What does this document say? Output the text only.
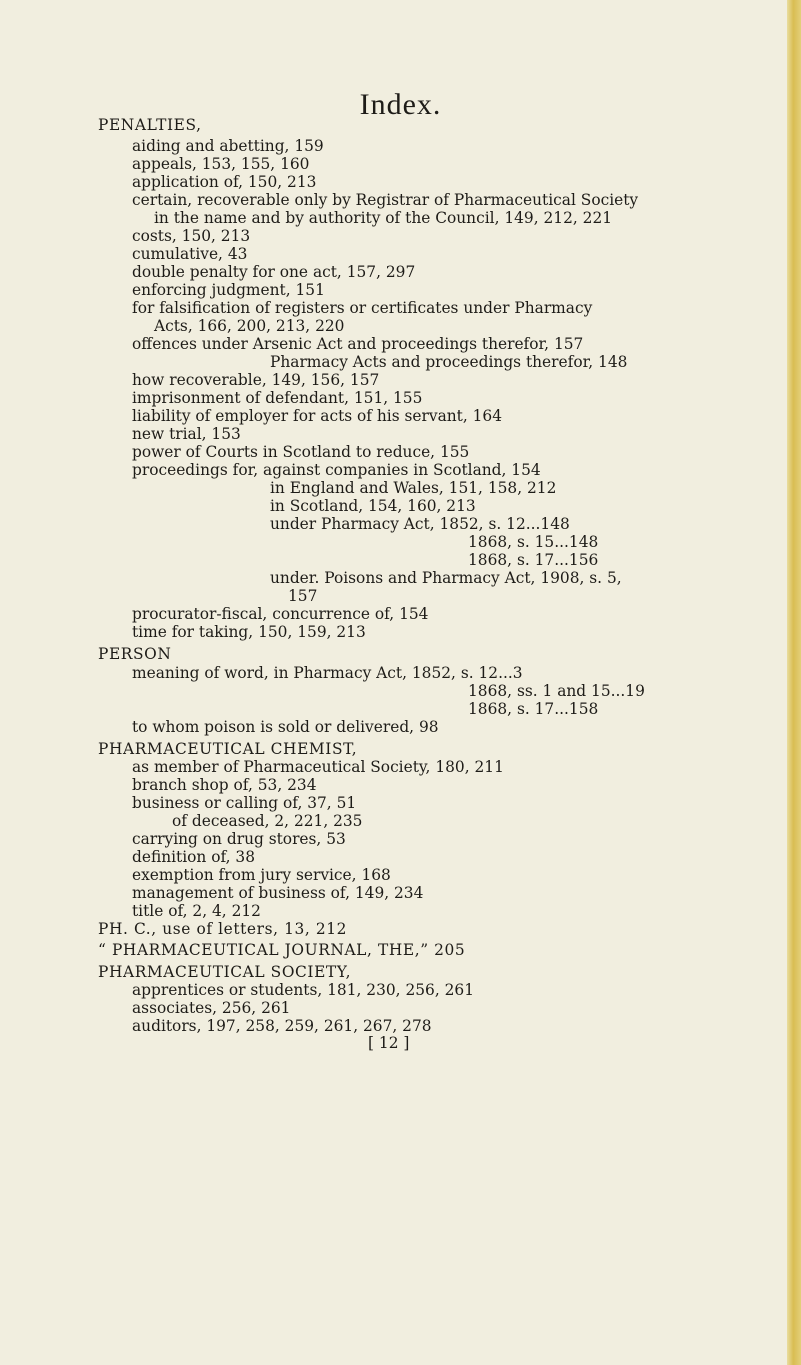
Index.
PENALTIES,
aiding and abetting, 159
appeals, 153, 155, 160
application of, 150, 213
certain, recoverable only by Registrar of Pharmaceutical Society
in the name and by authority of the Council, 149, 212, 221
costs, 150, 213
cumulative, 43
double penalty for one act, 157, 297
enforcing judgment, 151
for falsification of registers or certificates under Pharmacy
Acts, 166, 200, 213, 220
offences under Arsenic Act and proceedings therefor, 157
Pharmacy Acts and proceedings therefor, 148
how recoverable, 149, 156, 157
imprisonment of defendant, 151, 155
liability of employer for acts of his servant, 164
new trial, 153
power of Courts in Scotland to reduce, 155
proceedings for, against companies in Scotland, 154
in England and Wales, 151, 158, 212
in Scotland, 154, 160, 213
under Pharmacy Act, 1852, s. 12...148
1868, s. 15...148
1868, s. 17...156
under. Poisons and Pharmacy Act, 1908, s. 5,
157
procurator-fiscal, concurrence of, 154
time for taking, 150, 159, 213
PERSON
meaning of word, in Pharmacy Act, 1852, s. 12...3
1868, ss. 1 and 15...19
1868, s. 17...158
to whom poison is sold or delivered, 98
PHARMACEUTICAL CHEMIST,
as member of Pharmaceutical Society, 180, 211
branch shop of, 53, 234
business or calling of, 37, 51
of deceased, 2, 221, 235
carrying on drug stores, 53
definition of, 38
exemption from jury service, 168
management of business of, 149, 234
title of, 2, 4, 212
PH. C., use of letters, 13, 212
“ PHARMACEUTICAL JOURNAL, THE,” 205
PHARMACEUTICAL SOCIETY,
apprentices or students, 181, 230, 256, 261
associates, 256, 261
auditors, 197, 258, 259, 261, 267, 278
[ 12 ]
